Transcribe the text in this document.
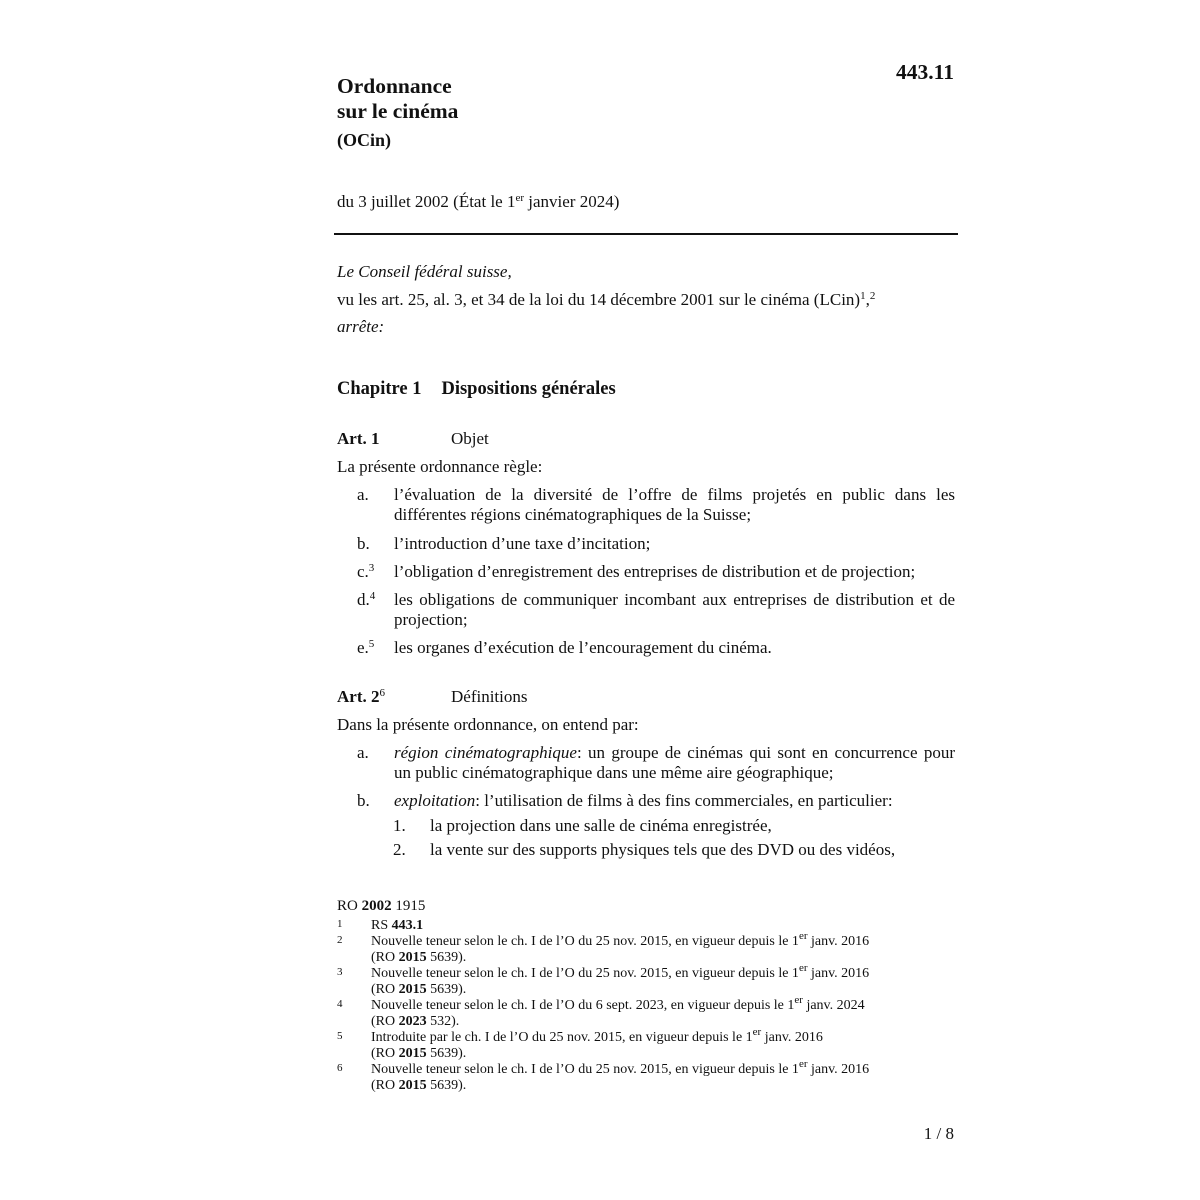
Ordonnance
sur le cinéma
443.11
(OCin)
du 3 juillet 2002 (État le 1er janvier 2024)
Le Conseil fédéral suisse,
vu les art. 25, al. 3, et 34 de la loi du 14 décembre 2001 sur le cinéma (LCin)$^1$,$^2$
arrête:
Chapitre 1 Dispositions générales
Art. 1	Objet
La présente ordonnance règle:
a. l’évaluation de la diversité de l’offre de films projetés en public dans les différentes régions cinématographiques de la Suisse;
b. l’introduction d’une taxe d’incitation;
c.$^3$ l’obligation d’enregistrement des entreprises de distribution et de projection;
d.$^4$ les obligations de communiquer incombant aux entreprises de distribution et de projection;
e.$^5$ les organes d’exécution de l’encouragement du cinéma.
Art. $2^6$	Définitions
Dans la présente ordonnance, on entend par:
a. région cinématographique: un groupe de cinémas qui sont en concurrence pour un public cinématographique dans une même aire géographique;
b. exploitation: l’utilisation de films à des fins commerciales, en particulier:
1. la projection dans une salle de cinéma enregistrée,
2. la vente sur des supports physiques tels que des DVD ou des vidéos,
RO 2002 1915
1 RS 443.1
2 Nouvelle teneur selon le ch. I de l’O du 25 nov. 2015, en vigueur depuis le 1er janv. 2016
(RO 2015 5639).
3 Nouvelle teneur selon le ch. I de l’O du 25 nov. 2015, en vigueur depuis le 1er janv. 2016
(RO 2015 5639).
4 Nouvelle teneur selon le ch. I de l’O du 6 sept. 2023, en vigueur depuis le 1er janv. 2024
(RO 2023 532).
5 Introduite par le ch. I de l’O du 25 nov. 2015, en vigueur depuis le 1er janv. 2016
(RO 2015 5639).
6 Nouvelle teneur selon le ch. I de l’O du 25 nov. 2015, en vigueur depuis le 1er janv. 2016
(RO 2015 5639).
1 / 8
